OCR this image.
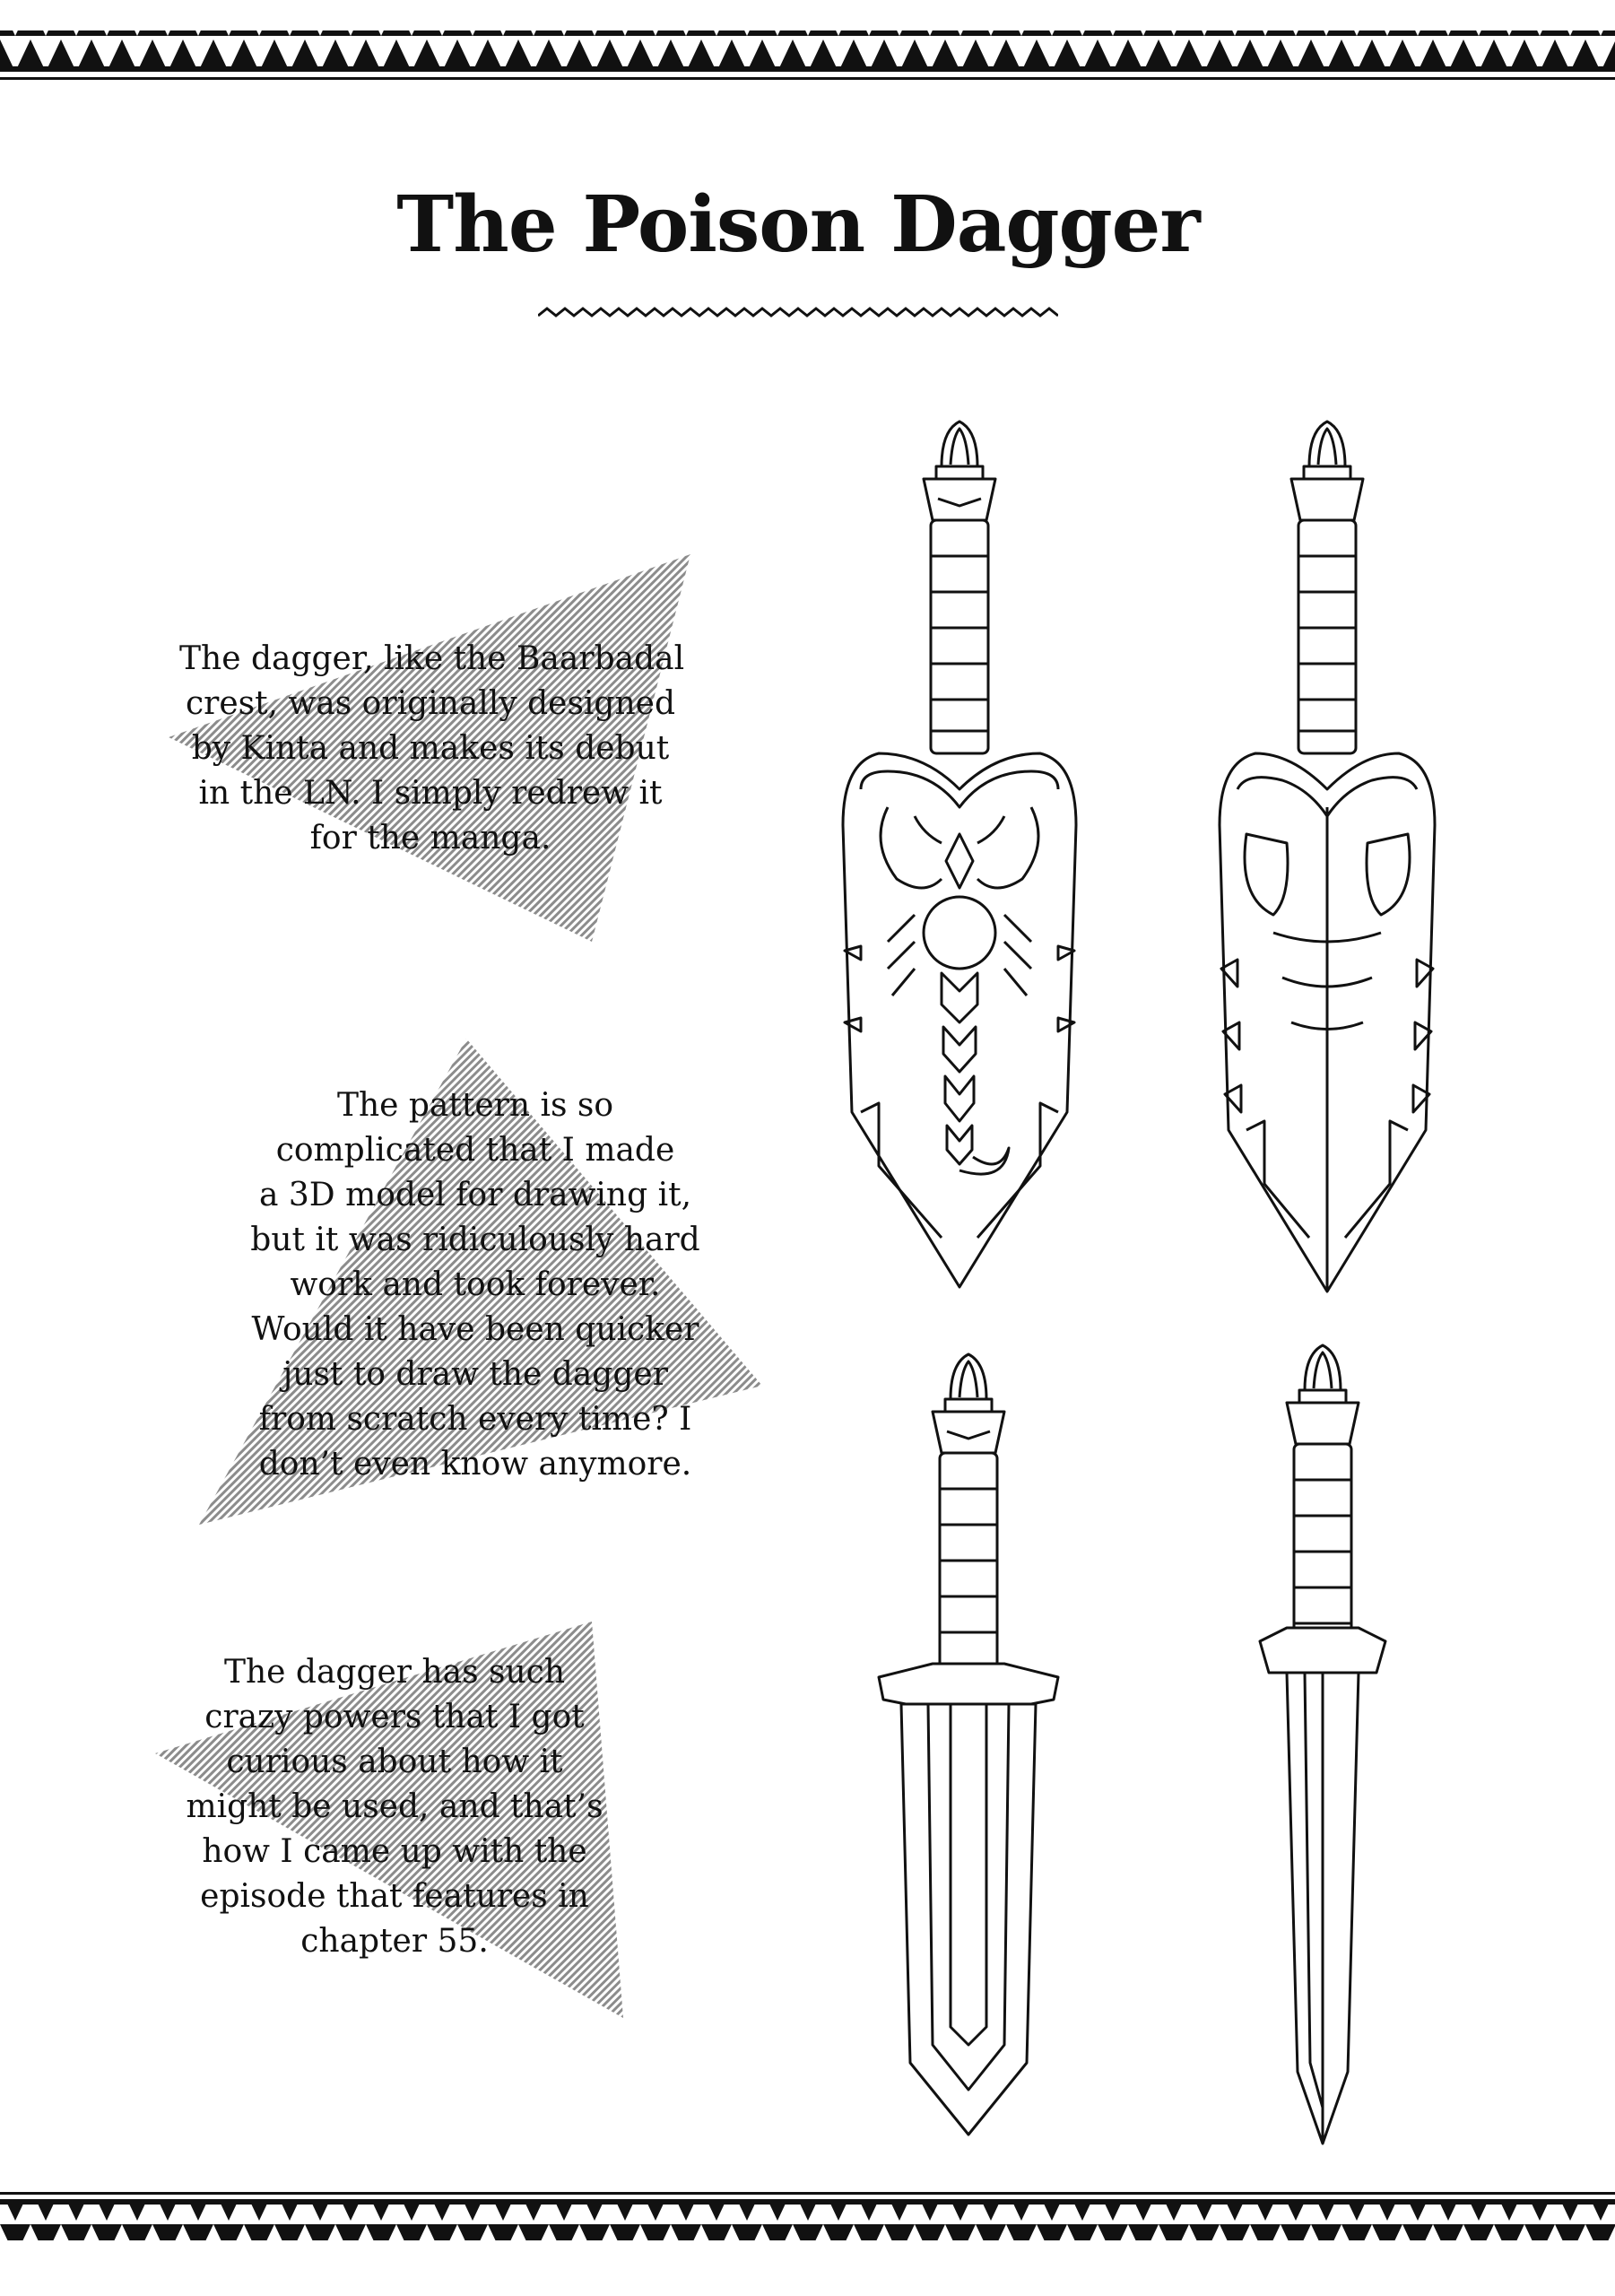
The Poison Dagger
The dagger, like the Baarbadal
crest, was originally designed
by Kinta and makes its debut
in the LN. I simply redrew it
for the manga.
The pattern is so
complicated that I made
a 3D model for drawing it,
but it was ridiculously hard
work and took forever.
Would it have been quicker
just to draw the dagger
from scratch every time? I
don’t even know anymore.
The dagger has such
crazy powers that I got
curious about how it
might be used, and that’s
how I came up with the
episode that features in
chapter 55.
